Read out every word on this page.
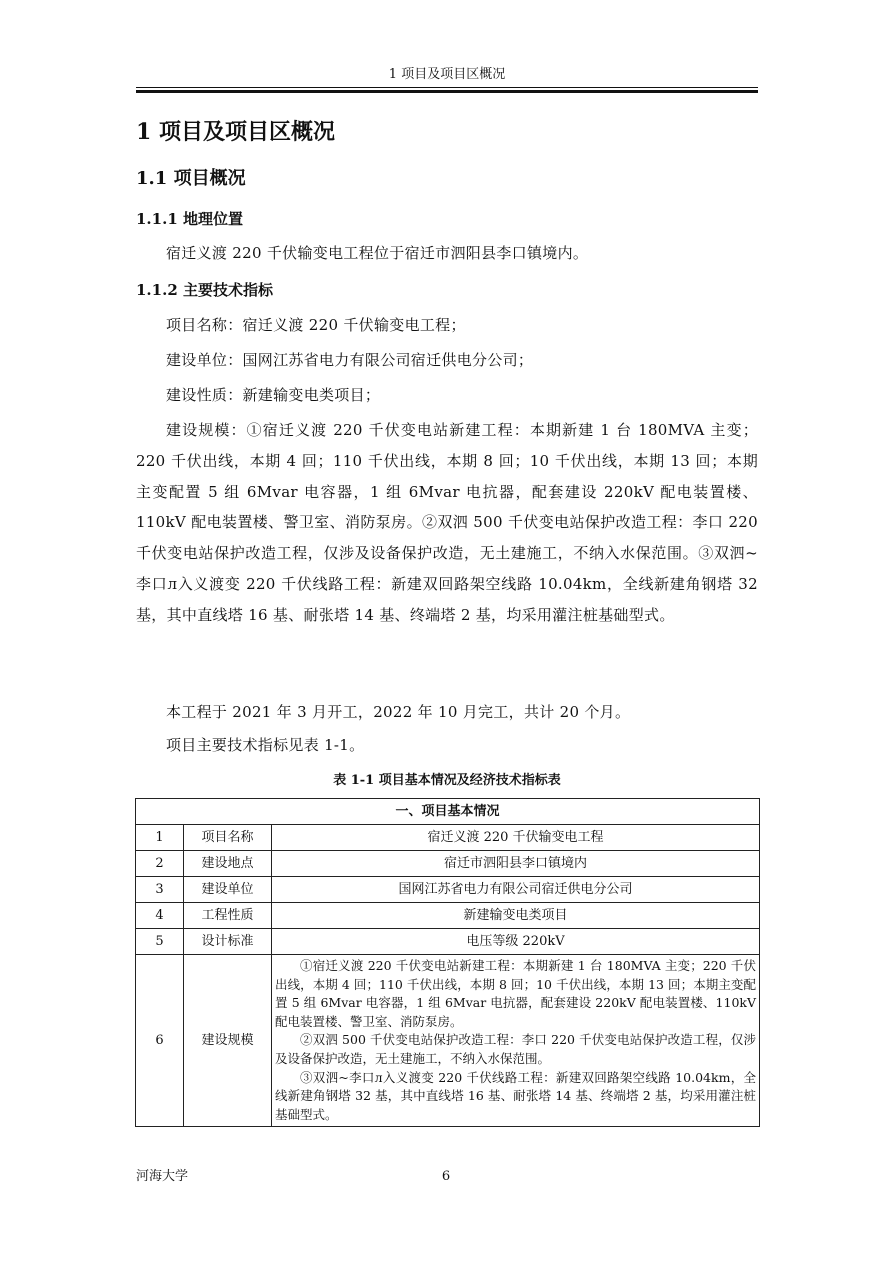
1 项目及项目区概况
1 项目及项目区概况
1.1 项目概况
1.1.1 地理位置
宿迁义渡 220 千伏输变电工程位于宿迁市泗阳县李口镇境内。
1.1.2 主要技术指标
项目名称：宿迁义渡 220 千伏输变电工程；
建设单位：国网江苏省电力有限公司宿迁供电分公司；
建设性质：新建输变电类项目；
建设规模：①宿迁义渡 220 千伏变电站新建工程：本期新建 1 台 180MVA 主变；220 千伏出线，本期 4 回；110 千伏出线，本期 8 回；10 千伏出线，本期 13 回；本期主变配置 5 组 6Mvar 电容器，1 组 6Mvar 电抗器，配套建设 220kV 配电装置楼、110kV 配电装置楼、警卫室、消防泵房。②双泗 500 千伏变电站保护改造工程：李口 220 千伏变电站保护改造工程，仅涉及设备保护改造，无土建施工，不纳入水保范围。③双泗~李口л入义渡变 220 千伏线路工程：新建双回路架空线路 10.04km，全线新建角钢塔 32 基，其中直线塔 16 基、耐张塔 14 基、终端塔 2 基，均采用灌注桩基础型式。
本工程于 2021 年 3 月开工，2022 年 10 月完工，共计 20 个月。
项目主要技术指标见表 1-1。
表 1-1 项目基本情况及经济技术指标表
一、项目基本情况		
1	项目名称	宿迁义渡 220 千伏输变电工程
2	建设地点	宿迁市泗阳县李口镇境内
3	建设单位	国网江苏省电力有限公司宿迁供电分公司
4	工程性质	新建输变电类项目
5	设计标准	电压等级 220kV
6	建设规模	①宿迁义渡 220 千伏变电站新建工程：本期新建 1 台 180MVA 主变；220 千伏出线，本期 4 回；110 千伏出线，本期 8 回；10 千伏出线，本期 13 回；本期主变配置 5 组 6Mvar 电容器，1 组 6Mvar 电抗器，配套建设 220kV 配电装置楼、110kV 配电装置楼、警卫室、消防泵房。
②双泗 500 千伏变电站保护改造工程：李口 220 千伏变电站保护改造工程，仅涉及设备保护改造，无土建施工，不纳入水保范围。
③双泗~李口л入义渡变 220 千伏线路工程：新建双回路架空线路 10.04km，全线新建角钢塔 32 基，其中直线塔 16 基、耐张塔 14 基、终端塔 2 基，均采用灌注桩基础型式。
河海大学	6
